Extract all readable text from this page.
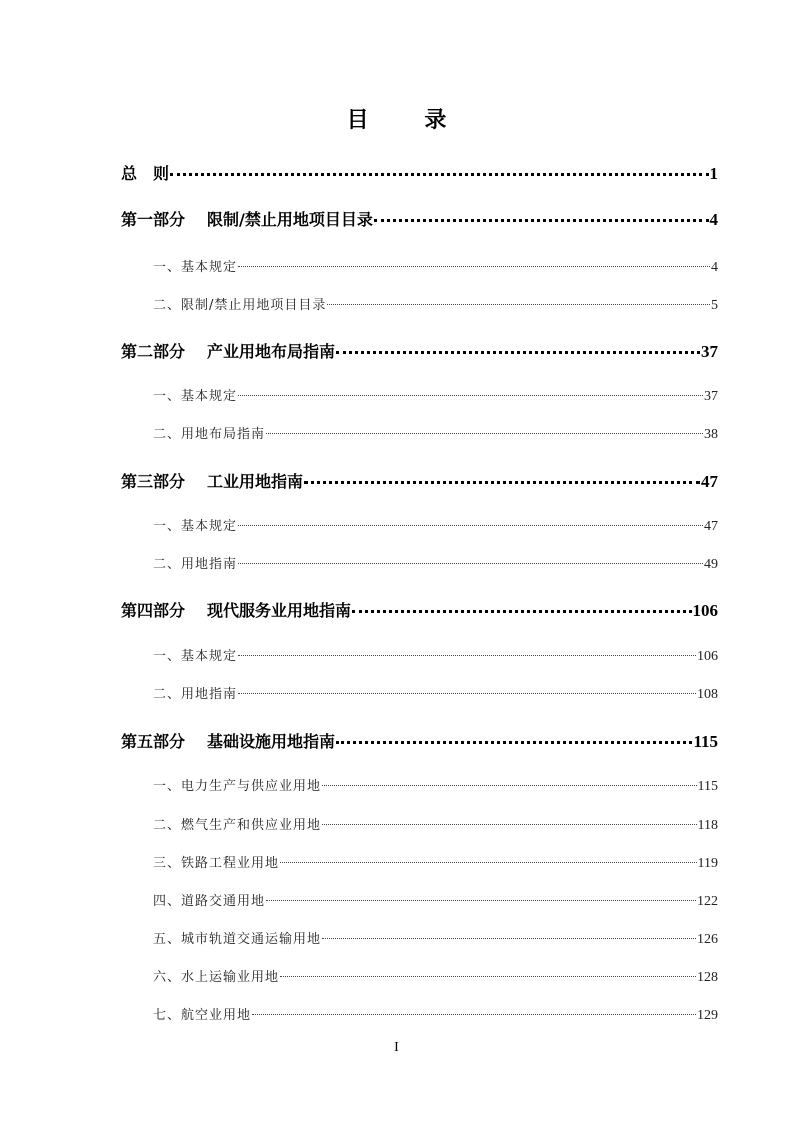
目 录
总　则	1
第一部分 限制/禁止用地项目目录	4
一、基本规定	4
二、限制/禁止用地项目目录	5
第二部分 产业用地布局指南	37
一、基本规定	37
二、用地布局指南	38
第三部分 工业用地指南	47
一、基本规定	47
二、用地指南	49
第四部分 现代服务业用地指南	106
一、基本规定	106
二、用地指南	108
第五部分 基础设施用地指南	115
一、电力生产与供应业用地	115
二、燃气生产和供应业用地	118
三、铁路工程业用地	119
四、道路交通用地	122
五、城市轨道交通运输用地	126
六、水上运输业用地	128
七、航空业用地	129
I
